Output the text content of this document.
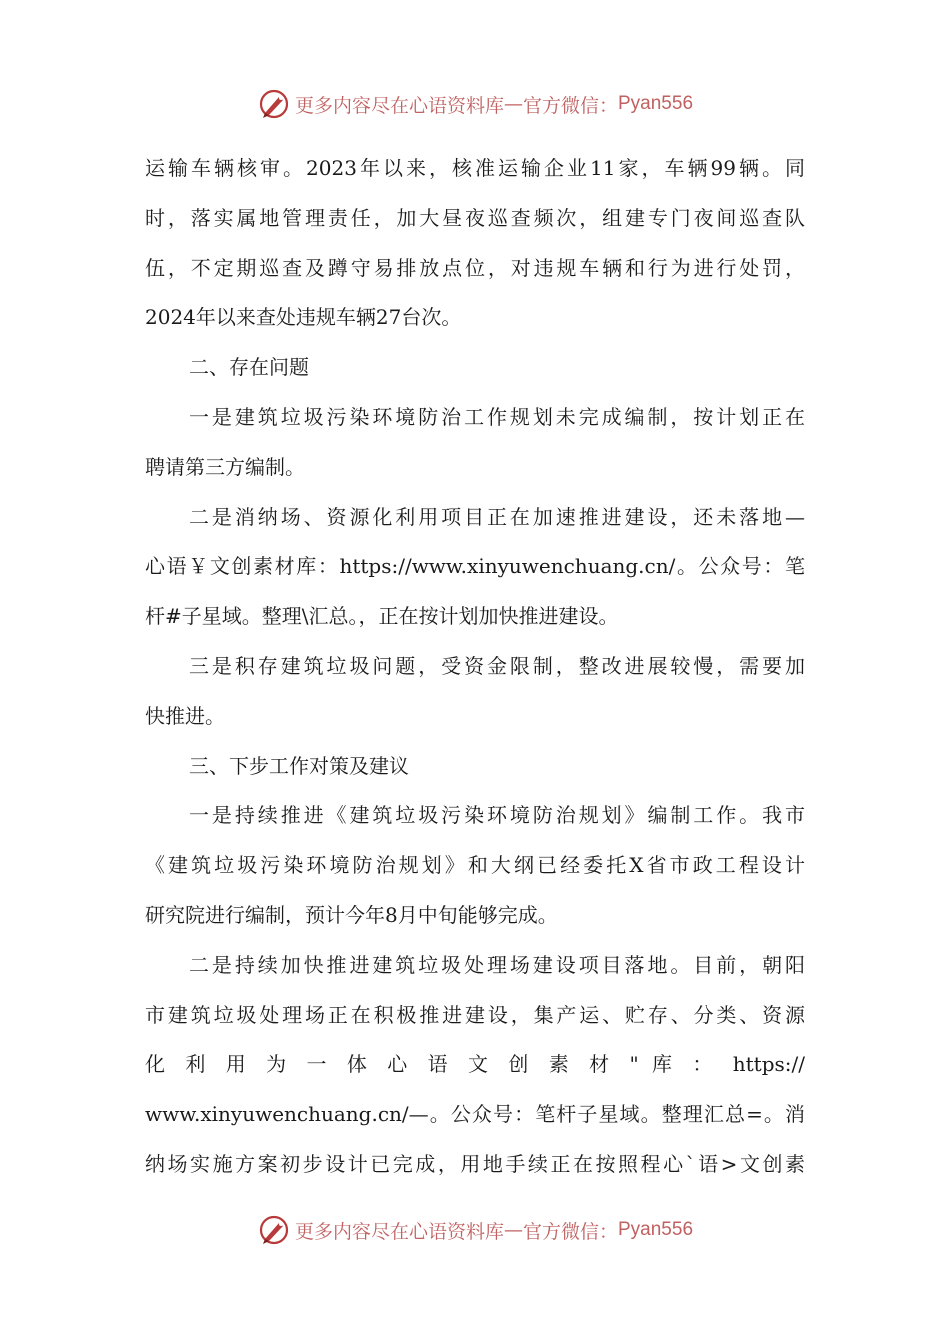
更多内容尽在心语资料库 — 官方微信： Pyan556
运输车辆核审。2023年以来，核准运输企业11家，车辆99辆。同
时，落实属地管理责任，加大昼夜巡查频次，组建专门夜间巡查队
伍，不定期巡查及蹲守易排放点位，对违规车辆和行为进行处罚，
2024年以来查处违规车辆27台次。
二、存在问题
一是建筑垃圾污染环境防治工作规划未完成编制，按计划正在
聘请第三方编制。
二是消纳场、资源化利用项目正在加速推进建设，还未落地—
心语￥文创素材库：https://www.xinyuwenchuang.cn/。公众号：笔
杆#子星域。整理\汇总。，正在按计划加快推进建设。
三是积存建筑垃圾问题，受资金限制，整改进展较慢，需要加
快推进。
三、下步工作对策及建议
一是持续推进《建筑垃圾污染环境防治规划》编制工作。我市
《建筑垃圾污染环境防治规划》和大纲已经委托X省市政工程设计
研究院进行编制，预计今年8月中旬能够完成。
二是持续加快推进建筑垃圾处理场建设项目落地。目前，朝阳
市建筑垃圾处理场正在积极推进建设，集产运、贮存、分类、资源
化 利 用 为 一 体 心 语 文 创 素 材 " 库 ： https://
www.xinyuwenchuang.cn/—。公众号：笔杆子星域。整理汇总=。消
纳场实施方案初步设计已完成，用地手续正在按照程心`语>文创素
更多内容尽在心语资料库 — 官方微信： Pyan556
